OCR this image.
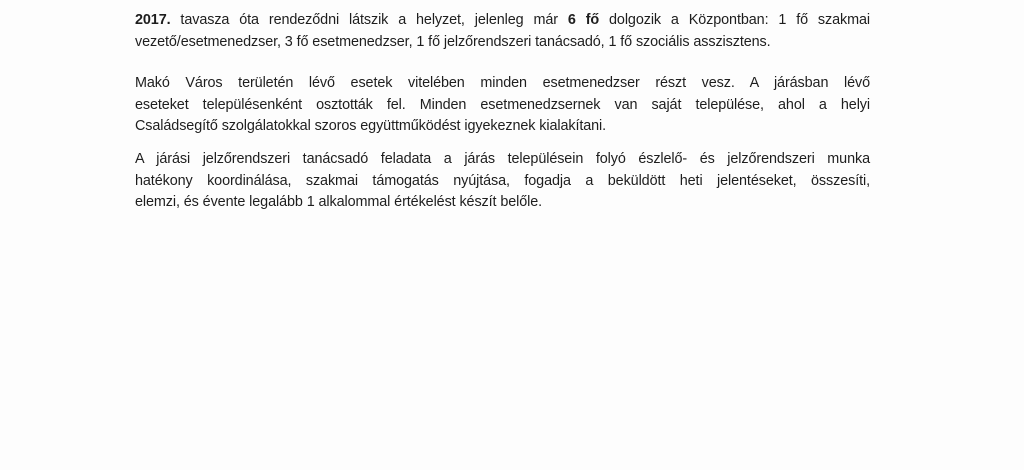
2017. tavasza óta rendeződni látszik a helyzet, jelenleg már 6 fő dolgozik a Központban: 1 fő szakmai
vezető/esetmenedzser, 3 fő esetmenedzser, 1 fő jelzőrendszeri tanácsadó, 1 fő szociális asszisztens.
Makó Város területén lévő esetek vitelében minden esetmenedzser részt vesz. A járásban lévő
eseteket településenként osztották fel. Minden esetmenedzsernek van saját települése, ahol a helyi
Családsegítő szolgálatokkal szoros együttműködést igyekeznek kialakítani.
A járási jelzőrendszeri tanácsadó feladata a járás településein folyó észlelő- és jelzőrendszeri munka
hatékony koordinálása, szakmai támogatás nyújtása, fogadja a beküldött heti jelentéseket, összesíti,
elemzi, és évente legalább 1 alkalommal értékelést készít belőle.
